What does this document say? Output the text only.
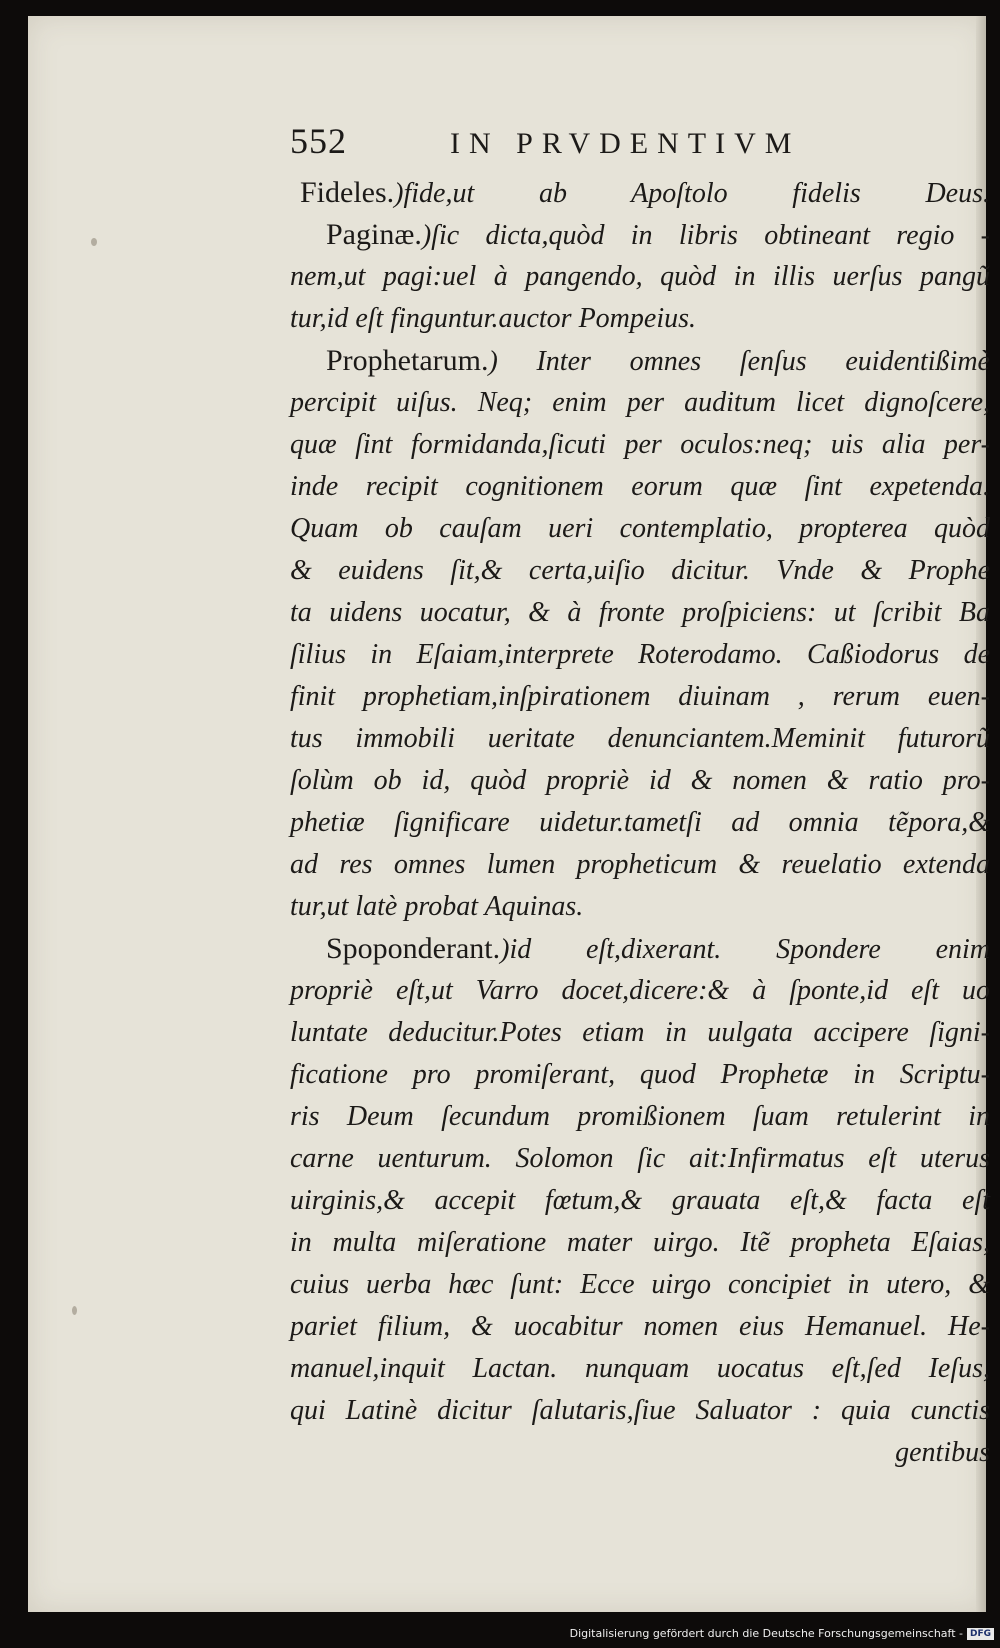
552	IN PRVDENTIVM

Fideles.)fide,ut ab Apoſtolo fidelis Deus.

Paginæ.)ſic dicta,quòd in libris obtineant regio -

nem,ut pagi:uel à pangendo, quòd in illis uerſus pangũ

tur,id eſt finguntur.auctor Pompeius.

Prophetarum.) Inter omnes ſenſus euidentißimè

percipit uiſus. Neq; enim per auditum licet dignoſcere,

quæ ſint formidanda,ſicuti per oculos:neq; uis alia per-

inde recipit cognitionem eorum quæ ſint expetenda.

Quam ob cauſam ueri contemplatio, propterea quòd

& euidens ſit,& certa,uiſio dicitur. Vnde & Prophe

ta uidens uocatur, & à fronte proſpiciens: ut ſcribit Ba

ſilius in Eſaiam,interprete Roterodamo. Caßiodorus de

finit prophetiam,inſpirationem diuinam , rerum euen-

tus immobili ueritate denunciantem.Meminit futurorũ

ſolùm ob id, quòd propriè id & nomen & ratio pro-

phetiæ ſignificare uidetur.tametſi ad omnia tẽpora,&

ad res omnes lumen propheticum & reuelatio extenda

tur,ut latè probat Aquinas.

Spoponderant.)id eſt,dixerant. Spondere enim

propriè eſt,ut Varro docet,dicere:& à ſponte,id eſt uo

luntate deducitur.Potes etiam in uulgata accipere ſigni-

ficatione pro promiſerant, quod Prophetæ in Scriptu-

ris Deum ſecundum promißionem ſuam retulerint in

carne uenturum. Solomon ſic ait:Infirmatus eſt uterus

uirginis,& accepit fœtum,& grauata eſt,& facta eſt

in multa miſeratione mater uirgo. Itẽ propheta Eſaias,

cuius uerba hæc ſunt: Ecce uirgo concipiet in utero, &

pariet filium, & uocabitur nomen eius Hemanuel. He-

manuel,inquit Lactan. nunquam uocatus eſt,ſed Ieſus,

qui Latinè dicitur ſalutaris,ſiue Saluator : quia cunctis

gentibus

Digitalisierung gefördert durch die Deutsche Forschungsgemeinschaft - DFG
